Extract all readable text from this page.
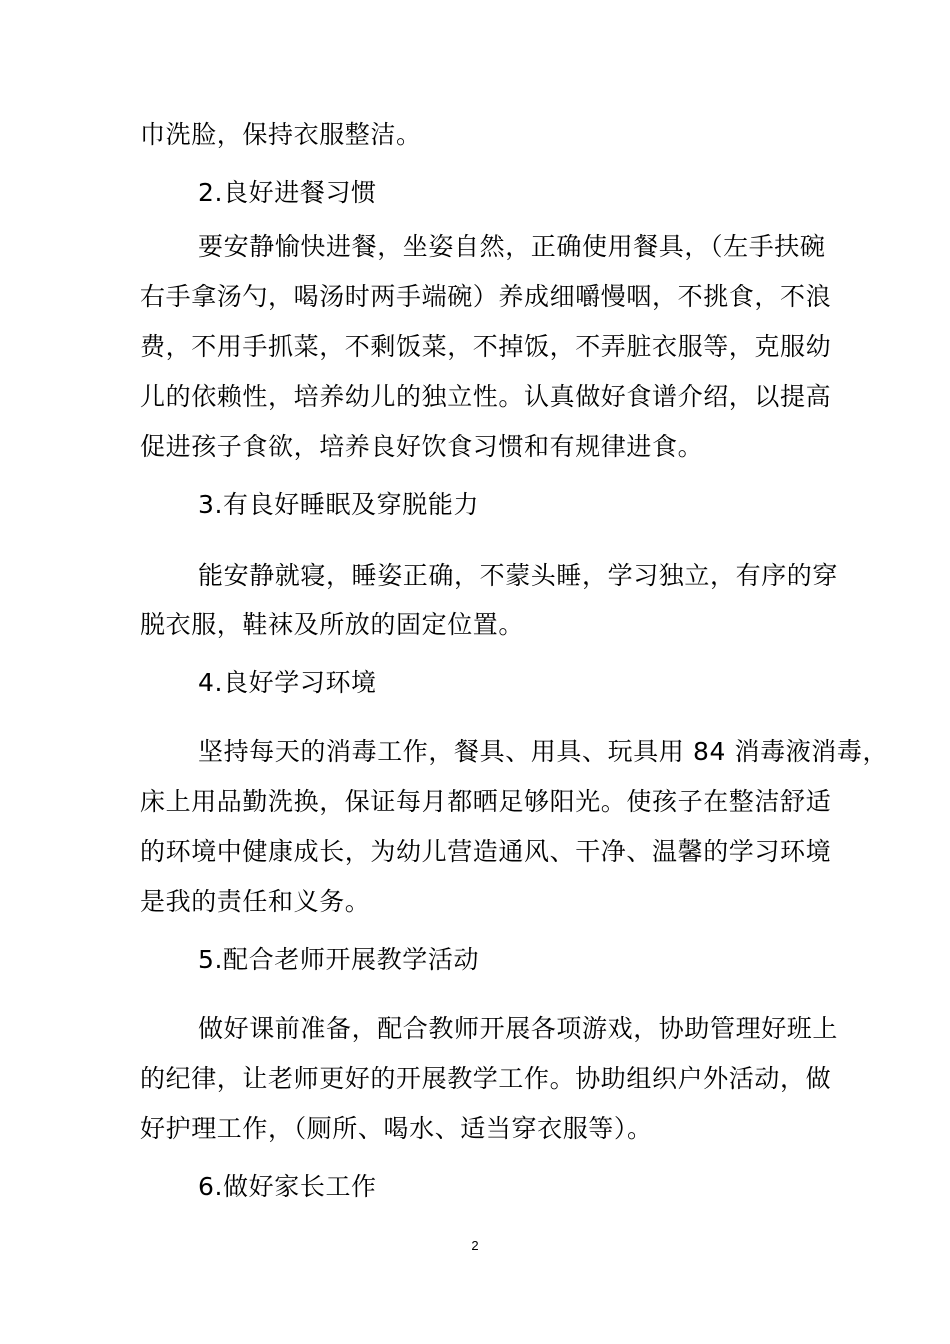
巾洗脸，保持衣服整洁。
2.良好进餐习惯
要安静愉快进餐，坐姿自然，正确使用餐具，（左手扶碗
右手拿汤勺，喝汤时两手端碗）养成细嚼慢咽，不挑食，不浪
费，不用手抓菜，不剩饭菜，不掉饭，不弄脏衣服等，克服幼
儿的依赖性，培养幼儿的独立性。认真做好食谱介绍，以提高
促进孩子食欲，培养良好饮食习惯和有规律进食。
3.有良好睡眠及穿脱能力
能安静就寝，睡姿正确，不蒙头睡，学习独立，有序的穿
脱衣服，鞋袜及所放的固定位置。
4.良好学习环境
坚持每天的消毒工作，餐具、用具、玩具用 84 消毒液消毒，
床上用品勤洗换，保证每月都晒足够阳光。使孩子在整洁舒适
的环境中健康成长，为幼儿营造通风、干净、温馨的学习环境
是我的责任和义务。
5.配合老师开展教学活动
做好课前准备，配合教师开展各项游戏，协助管理好班上
的纪律，让老师更好的开展教学工作。协助组织户外活动，做
好护理工作，（厕所、喝水、适当穿衣服等）。
6.做好家长工作
2
